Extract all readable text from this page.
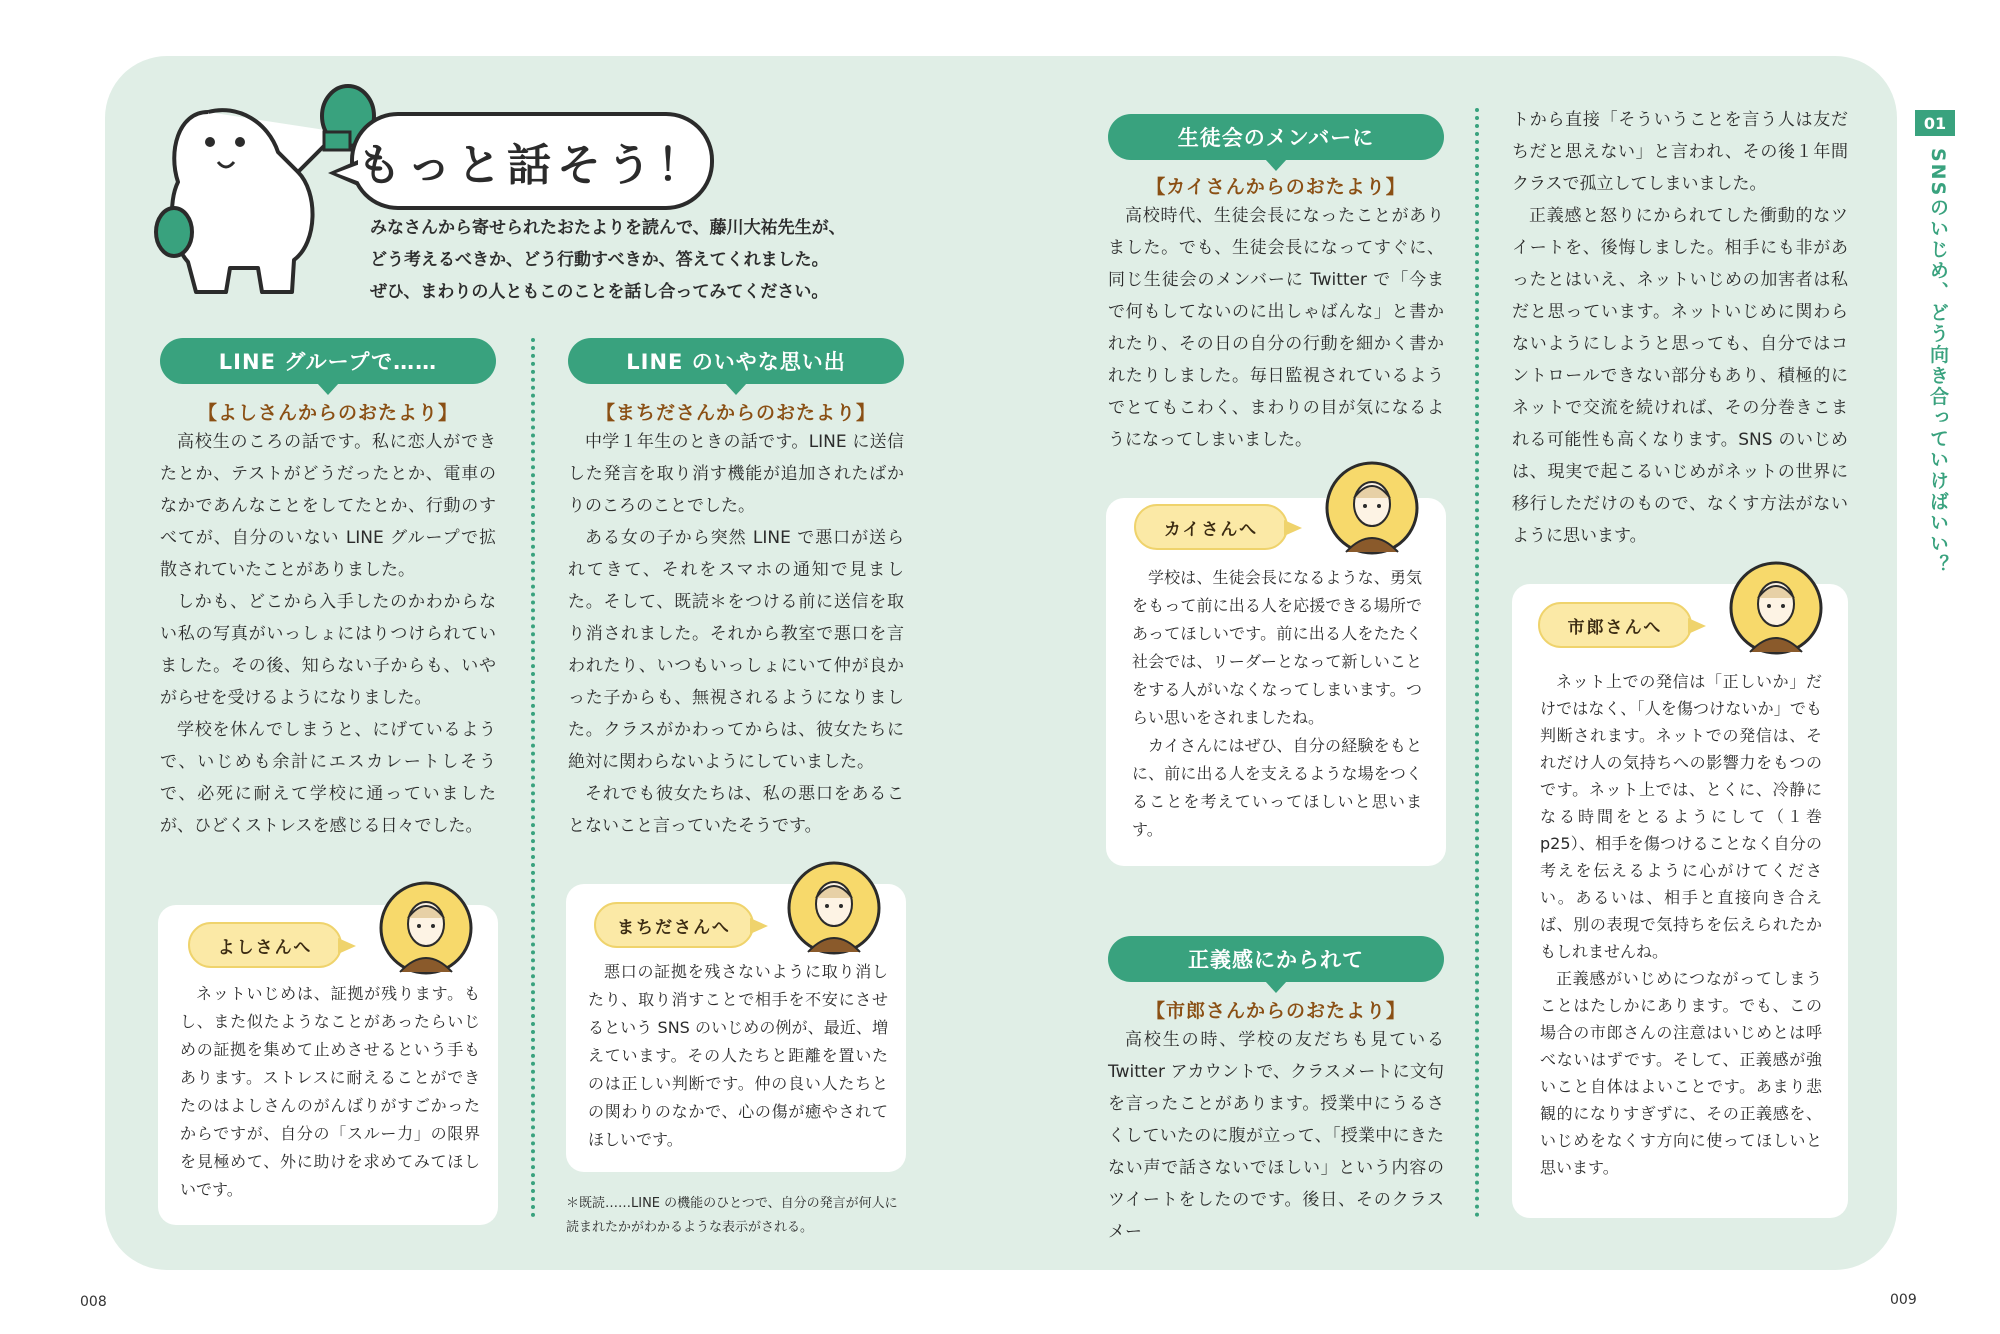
もっと話そう！
みなさんから寄せられたおたよりを読んで、藤川大祐先生が、
どう考えるべきか、どう行動すべきか、答えてくれました。
ぜひ、まわりの人ともこのことを話し合ってみてください。
LINE グループで……
【よしさんからのおたより】

高校生のころの話です。私に恋人ができたとか、テストがどうだったとか、電車のなかであんなことをしてたとか、行動のすべてが、自分のいない LINE グループで拡散されていたことがありました。

しかも、どこから入手したのかわからない私の写真がいっしょにはりつけられていました。その後、知らない子からも、いやがらせを受けるようになりました。

学校を休んでしまうと、にげているようで、いじめも余計にエスカレートしそうで、必死に耐えて学校に通っていましたが、ひどくストレスを感じる日々でした。

よしさんへ

ネットいじめは、証拠が残ります。もし、また似たようなことがあったらいじめの証拠を集めて止めさせるという手もあります。ストレスに耐えることができたのはよしさんのがんばりがすごかったからですが、自分の「スルー力」の限界を見極めて、外に助けを求めてみてほしいです。

LINE のいやな思い出
【まちださんからのおたより】

中学１年生のときの話です。LINE に送信した発言を取り消す機能が追加されたばかりのころのことでした。

ある女の子から突然 LINE で悪口が送られてきて、それをスマホの通知で見ました。そして、既読＊をつける前に送信を取り消されました。それから教室で悪口を言われたり、いつもいっしょにいて仲が良かった子からも、無視されるようになりました。クラスがかわってからは、彼女たちに絶対に関わらないようにしていました。

それでも彼女たちは、私の悪口をあることないこと言っていたそうです。

まちださんへ

悪口の証拠を残さないように取り消したり、取り消すことで相手を不安にさせるという SNS のいじめの例が、最近、増えています。その人たちと距離を置いたのは正しい判断です。仲の良い人たちとの関わりのなかで、心の傷が癒やされてほしいです。

＊既読……LINE の機能のひとつで、自分の発言が何人に読まれたかがわかるような表示がされる。
生徒会のメンバーに
【カイさんからのおたより】

高校時代、生徒会長になったことがありました。でも、生徒会長になってすぐに、同じ生徒会のメンバーに Twitter で「今まで何もしてないのに出しゃばんな」と書かれたり、その日の自分の行動を細かく書かれたりしました。毎日監視されているようでとてもこわく、まわりの目が気になるようになってしまいました。

カイさんへ

学校は、生徒会長になるような、勇気をもって前に出る人を応援できる場所であってほしいです。前に出る人をたたく社会では、リーダーとなって新しいことをする人がいなくなってしまいます。つらい思いをされましたね。

カイさんにはぜひ、自分の経験をもとに、前に出る人を支えるような場をつくることを考えていってほしいと思います。

正義感にかられて
【市郎さんからのおたより】

高校生の時、学校の友だちも見ている Twitter アカウントで、クラスメートに文句を言ったことがあります。授業中にうるさくしていたのに腹が立って、「授業中にきたない声で話さないでほしい」という内容のツイートをしたのです。後日、そのクラスメー

トから直接「そういうことを言う人は友だちだと思えない」と言われ、その後１年間クラスで孤立してしまいました。

正義感と怒りにかられてした衝動的なツイートを、後悔しました。相手にも非があったとはいえ、ネットいじめの加害者は私だと思っています。ネットいじめに関わらないようにしようと思っても、自分ではコントロールできない部分もあり、積極的にネットで交流を続ければ、その分巻きこまれる可能性も高くなります。SNS のいじめは、現実で起こるいじめがネットの世界に移行しただけのもので、なくす方法がないように思います。

市郎さんへ

ネット上での発信は「正しいか」だけではなく、「人を傷つけないか」でも判断されます。ネットでの発信は、それだけ人の気持ちへの影響力をもつのです。ネット上では、とくに、冷静になる時間をとるようにして（１巻 p25）、相手を傷つけることなく自分の考えを伝えるように心がけてください。あるいは、相手と直接向き合えば、別の表現で気持ちを伝えられたかもしれませんね。

正義感がいじめにつながってしまうことはたしかにあります。でも、この場合の市郎さんの注意はいじめとは呼べないはずです。そして、正義感が強いこと自体はよいことです。あまり悲観的になりすぎずに、その正義感を、いじめをなくす方向に使ってほしいと思います。

01
SNSのいじめ、どう向き合っていけばいい？
008	009
